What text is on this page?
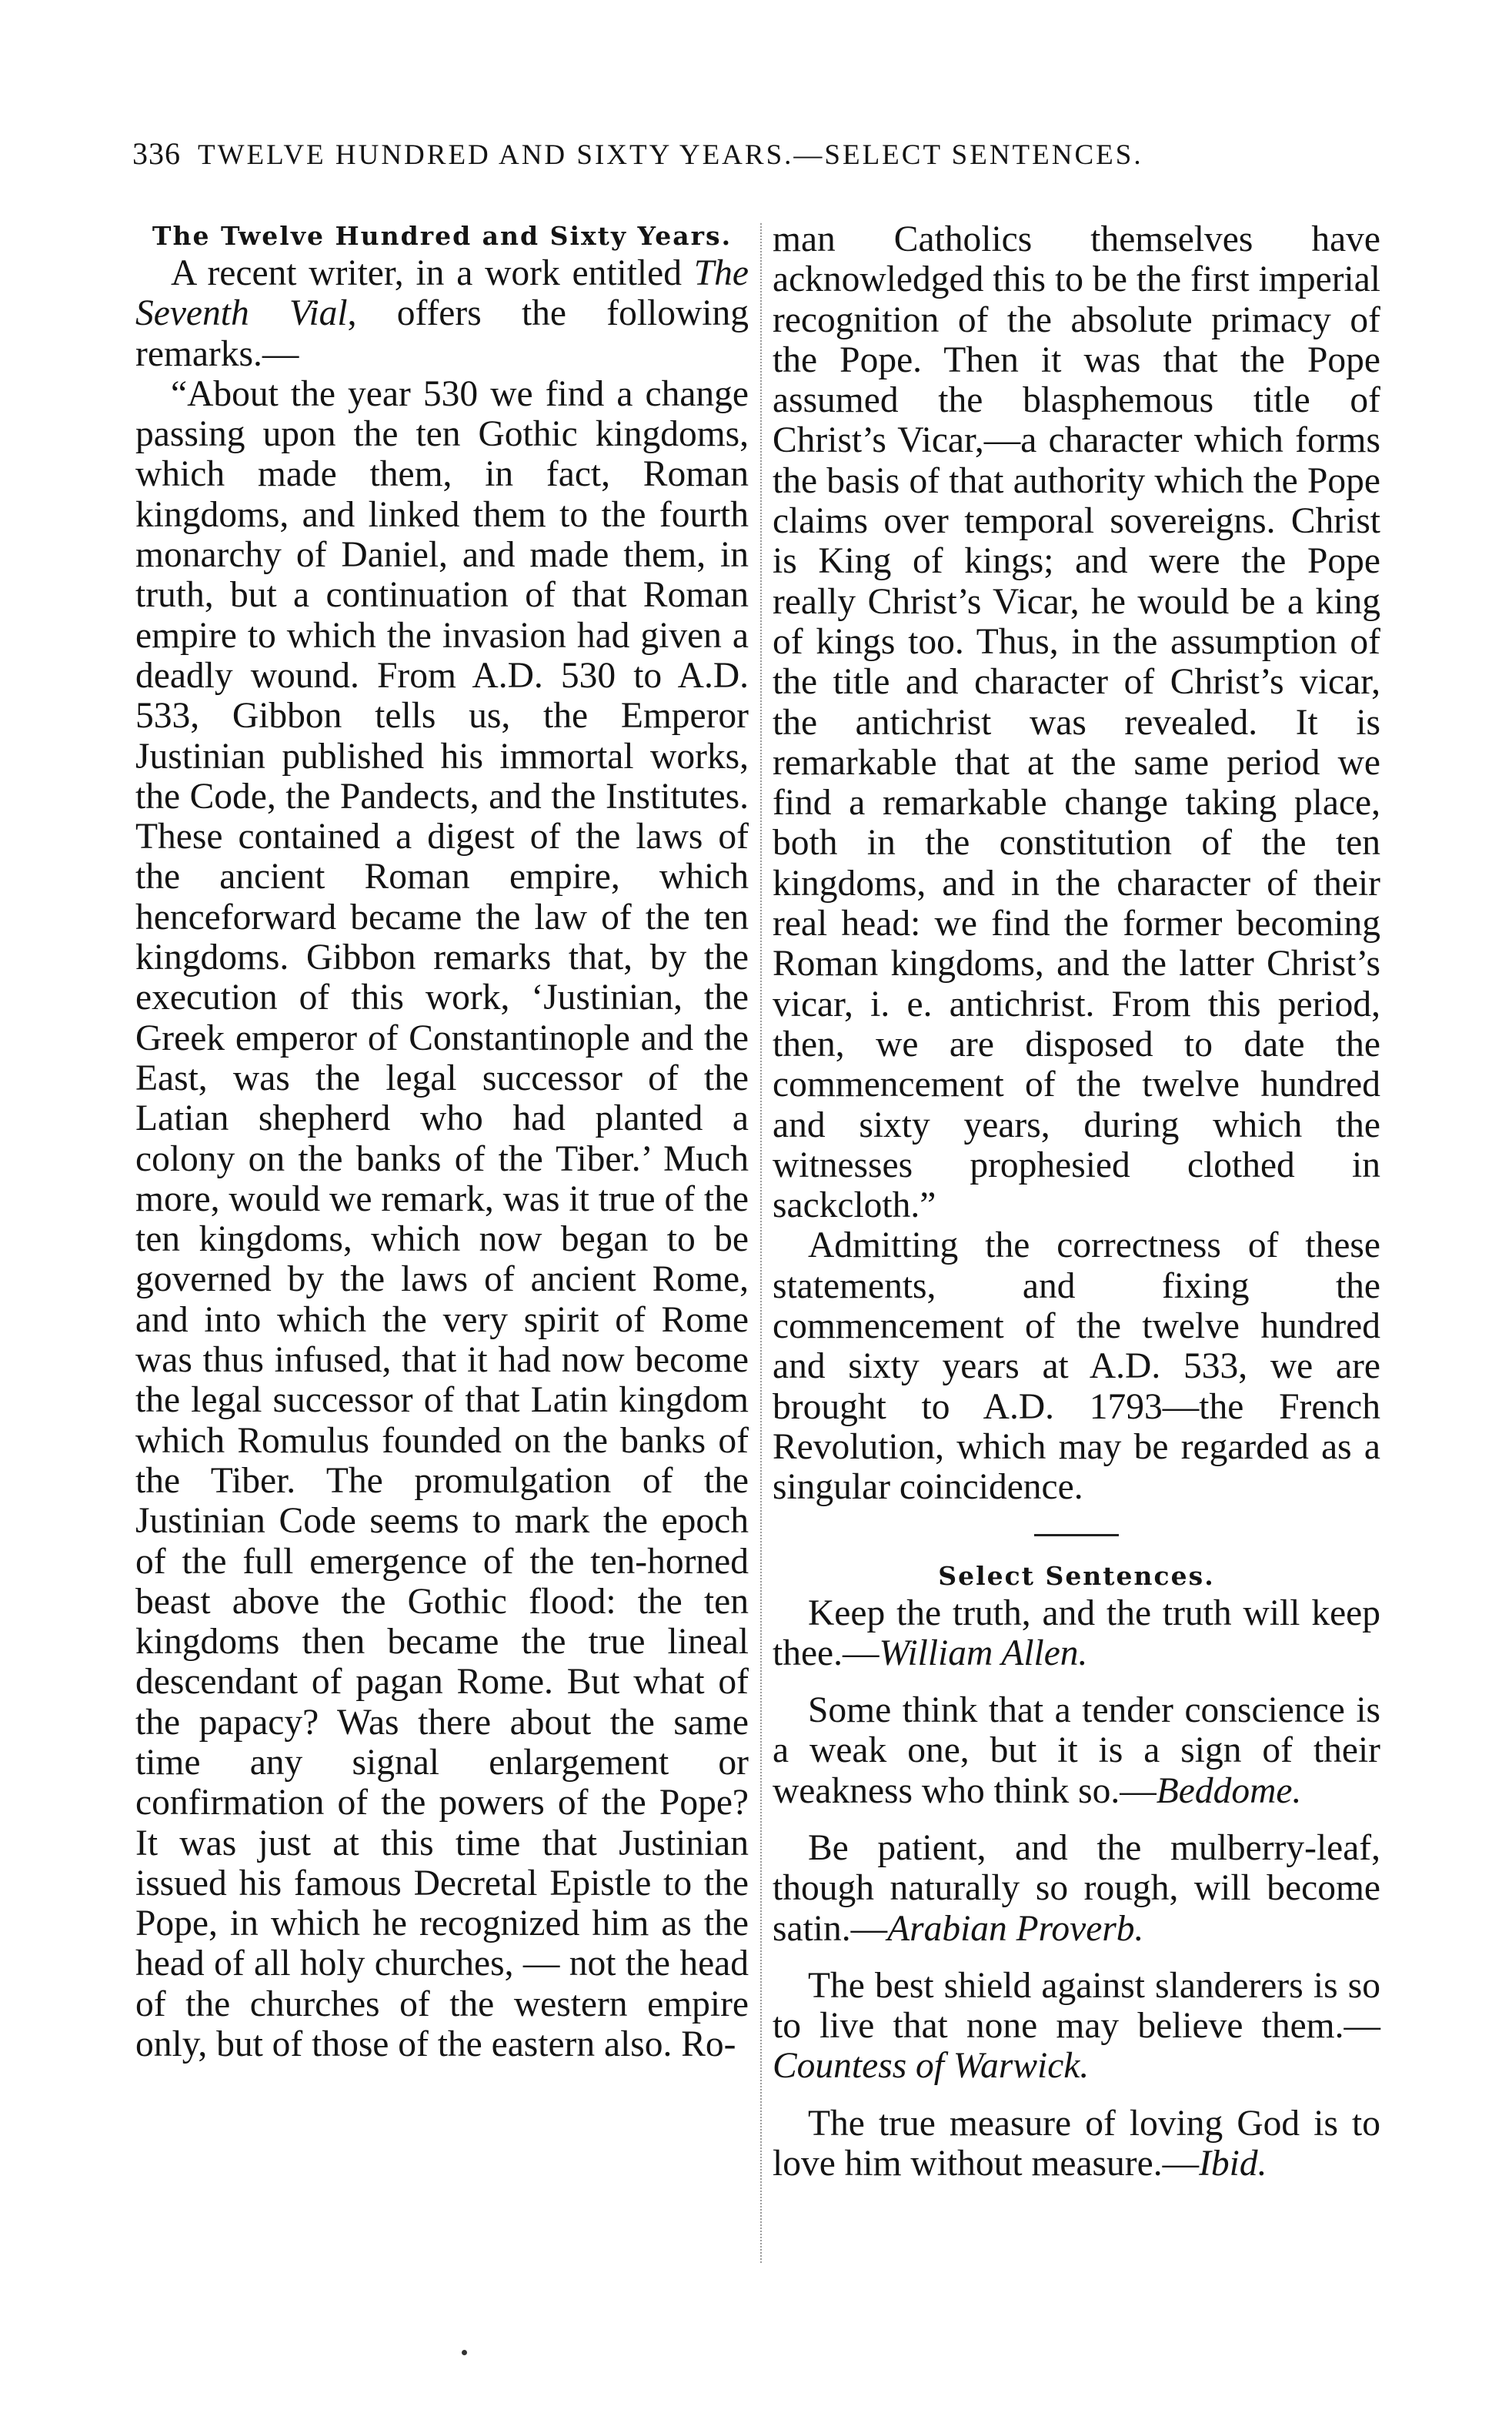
336 TWELVE HUNDRED AND SIXTY YEARS.—SELECT SENTENCES.

The Twelve Hundred and Sixty Years.

A recent writer, in a work entitled The Seventh Vial, offers the following remarks.—

“About the year 530 we find a change passing upon the ten Gothic kingdoms, which made them, in fact, Roman kingdoms, and linked them to the fourth monarchy of Daniel, and made them, in truth, but a continuation of that Roman empire to which the invasion had given a deadly wound. From A.D. 530 to A.D. 533, Gibbon tells us, the Emperor Justinian published his immortal works, the Code, the Pandects, and the Institutes. These contained a digest of the laws of the ancient Roman empire, which henceforward became the law of the ten kingdoms. Gibbon remarks that, by the execution of this work, ‘Justinian, the Greek emperor of Constantinople and the East, was the legal successor of the Latian shepherd who had planted a colony on the banks of the Tiber.’ Much more, would we remark, was it true of the ten kingdoms, which now began to be governed by the laws of ancient Rome, and into which the very spirit of Rome was thus infused, that it had now become the legal successor of that Latin kingdom which Romulus founded on the banks of the Tiber. The promulgation of the Justinian Code seems to mark the epoch of the full emergence of the ten-horned beast above the Gothic flood: the ten kingdoms then became the true lineal descendant of pagan Rome. But what of the papacy? Was there about the same time any signal enlargement or confirmation of the powers of the Pope? It was just at this time that Justinian issued his famous Decretal Epistle to the Pope, in which he recognized him as the head of all holy churches, — not the head of the churches of the western empire only, but of those of the eastern also. Ro-

man Catholics themselves have acknowledged this to be the first imperial recognition of the absolute primacy of the Pope. Then it was that the Pope assumed the blasphemous title of Christ’s Vicar,—a character which forms the basis of that authority which the Pope claims over temporal sovereigns. Christ is King of kings; and were the Pope really Christ’s Vicar, he would be a king of kings too. Thus, in the assumption of the title and character of Christ’s vicar, the antichrist was revealed. It is remarkable that at the same period we find a remarkable change taking place, both in the constitution of the ten kingdoms, and in the character of their real head: we find the former becoming Roman kingdoms, and the latter Christ’s vicar, i. e. antichrist. From this period, then, we are disposed to date the commencement of the twelve hundred and sixty years, during which the witnesses prophesied clothed in sackcloth.”

Admitting the correctness of these statements, and fixing the commencement of the twelve hundred and sixty years at A.D. 533, we are brought to A.D. 1793—the French Revolution, which may be regarded as a singular coincidence.

Select Sentences.

Keep the truth, and the truth will keep thee.—William Allen.

Some think that a tender conscience is a weak one, but it is a sign of their weakness who think so.—Beddome.

Be patient, and the mulberry-leaf, though naturally so rough, will become satin.—Arabian Proverb.

The best shield against slanderers is so to live that none may believe them.—Countess of Warwick.

The true measure of loving God is to love him without measure.—Ibid.
